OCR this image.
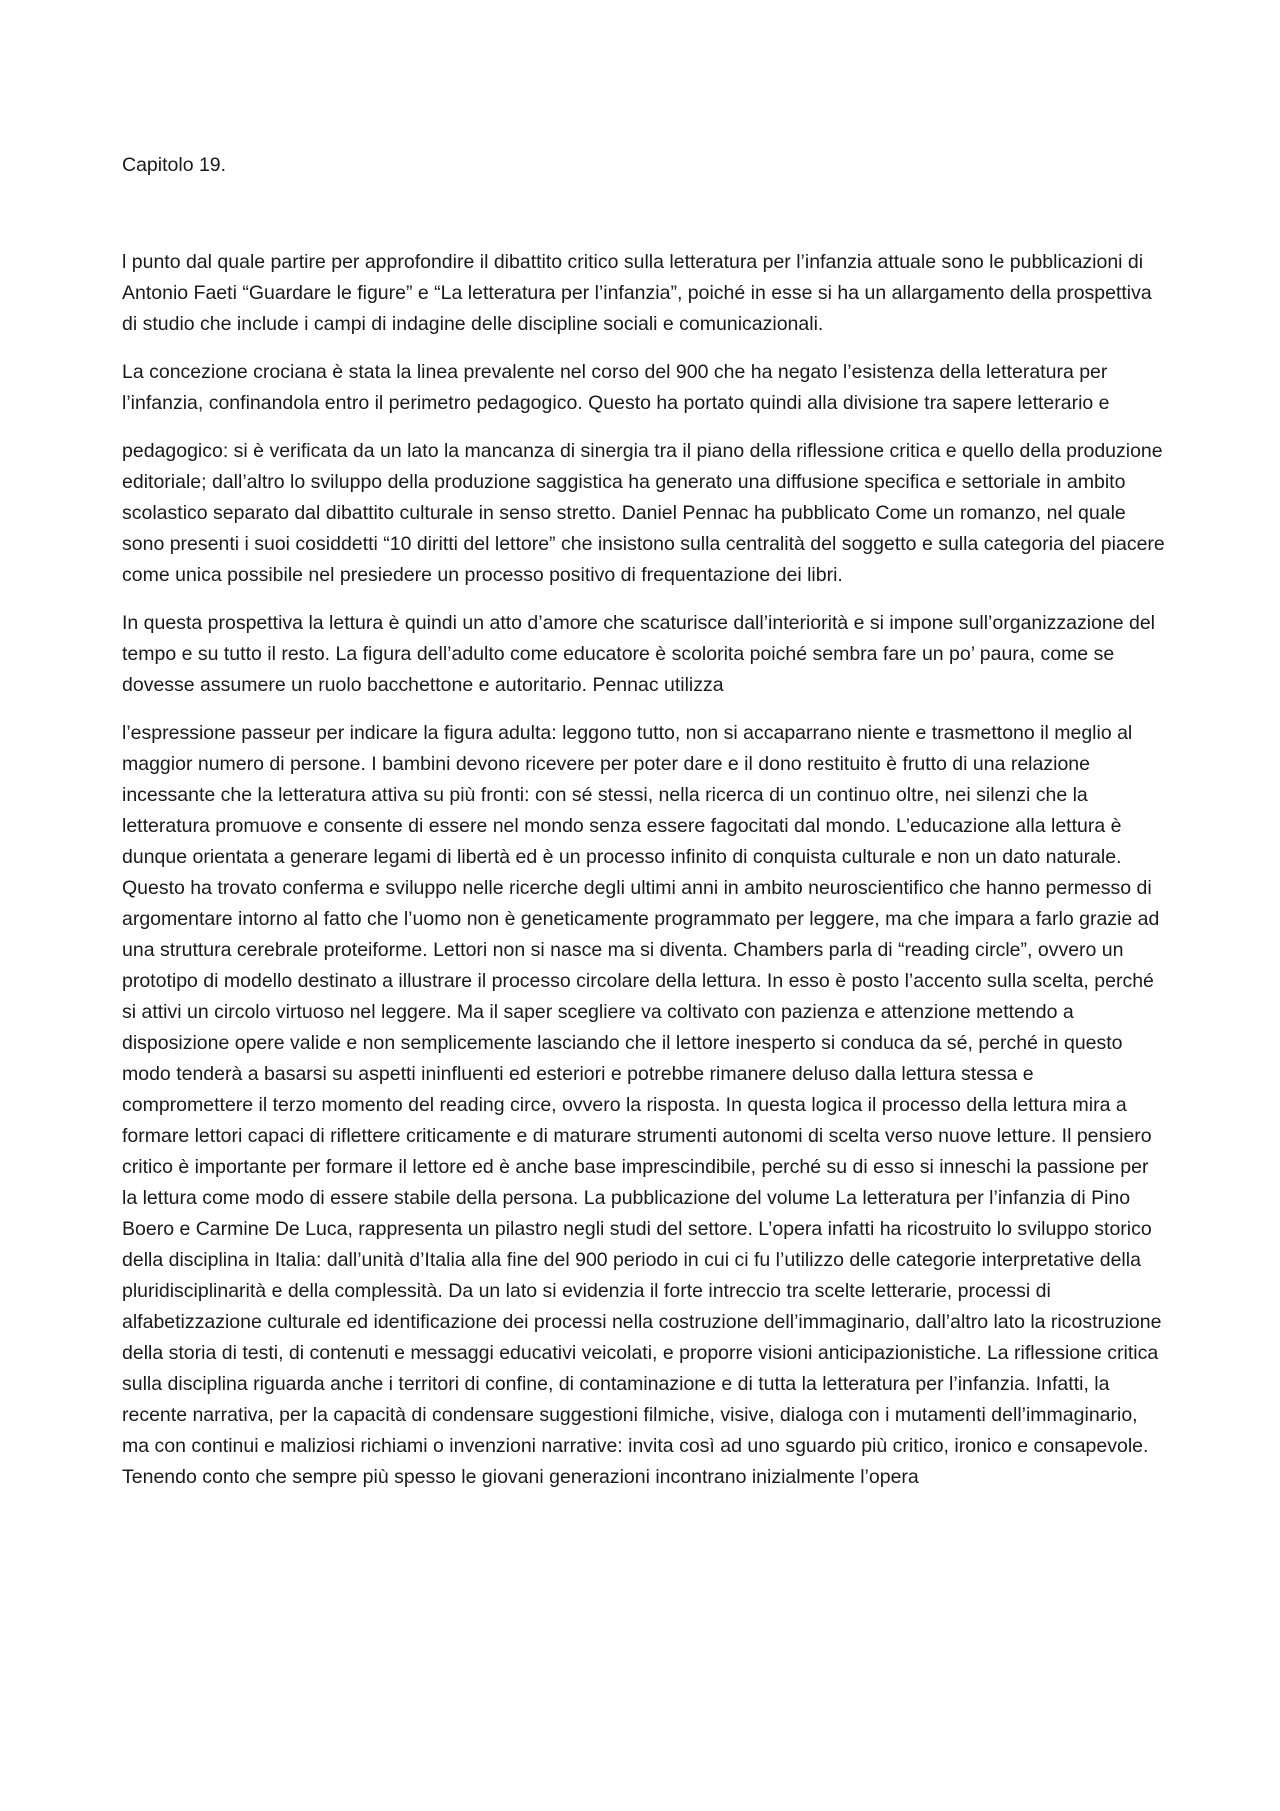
Capitolo 19.

l punto dal quale partire per approfondire il dibattito critico sulla letteratura per l’infanzia attuale sono le pubblicazioni di Antonio Faeti “Guardare le figure” e “La letteratura per l’infanzia”, poiché in esse si ha un allargamento della prospettiva di studio che include i campi di indagine delle discipline sociali e comunicazionali.

La concezione crociana è stata la linea prevalente nel corso del 900 che ha negato l’esistenza della letteratura per l’infanzia, confinandola entro il perimetro pedagogico. Questo ha portato quindi alla divisione tra sapere letterario e

pedagogico: si è verificata da un lato la mancanza di sinergia tra il piano della riflessione critica e quello della produzione editoriale; dall’altro lo sviluppo della produzione saggistica ha generato una diffusione specifica e settoriale in ambito scolastico separato dal dibattito culturale in senso stretto. Daniel Pennac ha pubblicato Come un romanzo, nel quale sono presenti i suoi cosiddetti “10 diritti del lettore” che insistono sulla centralità del soggetto e sulla categoria del piacere come unica possibile nel presiedere un processo positivo di frequentazione dei libri.

In questa prospettiva la lettura è quindi un atto d’amore che scaturisce dall’interiorità e si impone sull’organizzazione del tempo e su tutto il resto. La figura dell’adulto come educatore è scolorita poiché sembra fare un po’ paura, come se dovesse assumere un ruolo bacchettone e autoritario. Pennac utilizza

l’espressione passeur per indicare la figura adulta: leggono tutto, non si accaparrano niente e trasmettono il meglio al maggior numero di persone. I bambini devono ricevere per poter dare e il dono restituito è frutto di una relazione incessante che la letteratura attiva su più fronti: con sé stessi, nella ricerca di un continuo oltre, nei silenzi che la letteratura promuove e consente di essere nel mondo senza essere fagocitati dal mondo. L’educazione alla lettura è dunque orientata a generare legami di libertà ed è un processo infinito di conquista culturale e non un dato naturale. Questo ha trovato conferma e sviluppo nelle ricerche degli ultimi anni in ambito neuroscientifico che hanno permesso di argomentare intorno al fatto che l’uomo non è geneticamente programmato per leggere, ma che impara a farlo grazie ad una struttura cerebrale proteiforme. Lettori non si nasce ma si diventa. Chambers parla di “reading circle”, ovvero un prototipo di modello destinato a illustrare il processo circolare della lettura. In esso è posto l’accento sulla scelta, perché si attivi un circolo virtuoso nel leggere. Ma il saper scegliere va coltivato con pazienza e attenzione mettendo a disposizione opere valide e non semplicemente lasciando che il lettore inesperto si conduca da sé, perché in questo modo tenderà a basarsi su aspetti ininfluenti ed esteriori e potrebbe rimanere deluso dalla lettura stessa e compromettere il terzo momento del reading circe, ovvero la risposta. In questa logica il processo della lettura mira a formare lettori capaci di riflettere criticamente e di maturare strumenti autonomi di scelta verso nuove letture. Il pensiero critico è importante per formare il lettore ed è anche base imprescindibile, perché su di esso si inneschi la passione per la lettura come modo di essere stabile della persona. La pubblicazione del volume La letteratura per l’infanzia di Pino Boero e Carmine De Luca, rappresenta un pilastro negli studi del settore. L’opera infatti ha ricostruito lo sviluppo storico della disciplina in Italia: dall’unità d’Italia alla fine del 900 periodo in cui ci fu l’utilizzo delle categorie interpretative della pluridisciplinarità e della complessità. Da un lato si evidenzia il forte intreccio tra scelte letterarie, processi di alfabetizzazione culturale ed identificazione dei processi nella costruzione dell’immaginario, dall’altro lato la ricostruzione della storia di testi, di contenuti e messaggi educativi veicolati, e proporre visioni anticipazionistiche. La riflessione critica sulla disciplina riguarda anche i territori di confine, di contaminazione e di tutta la letteratura per l’infanzia. Infatti, la recente narrativa, per la capacità di condensare suggestioni filmiche, visive, dialoga con i mutamenti dell’immaginario, ma con continui e maliziosi richiami o invenzioni narrative: invita così ad uno sguardo più critico, ironico e consapevole. Tenendo conto che sempre più spesso le giovani generazioni incontrano inizialmente l’opera
